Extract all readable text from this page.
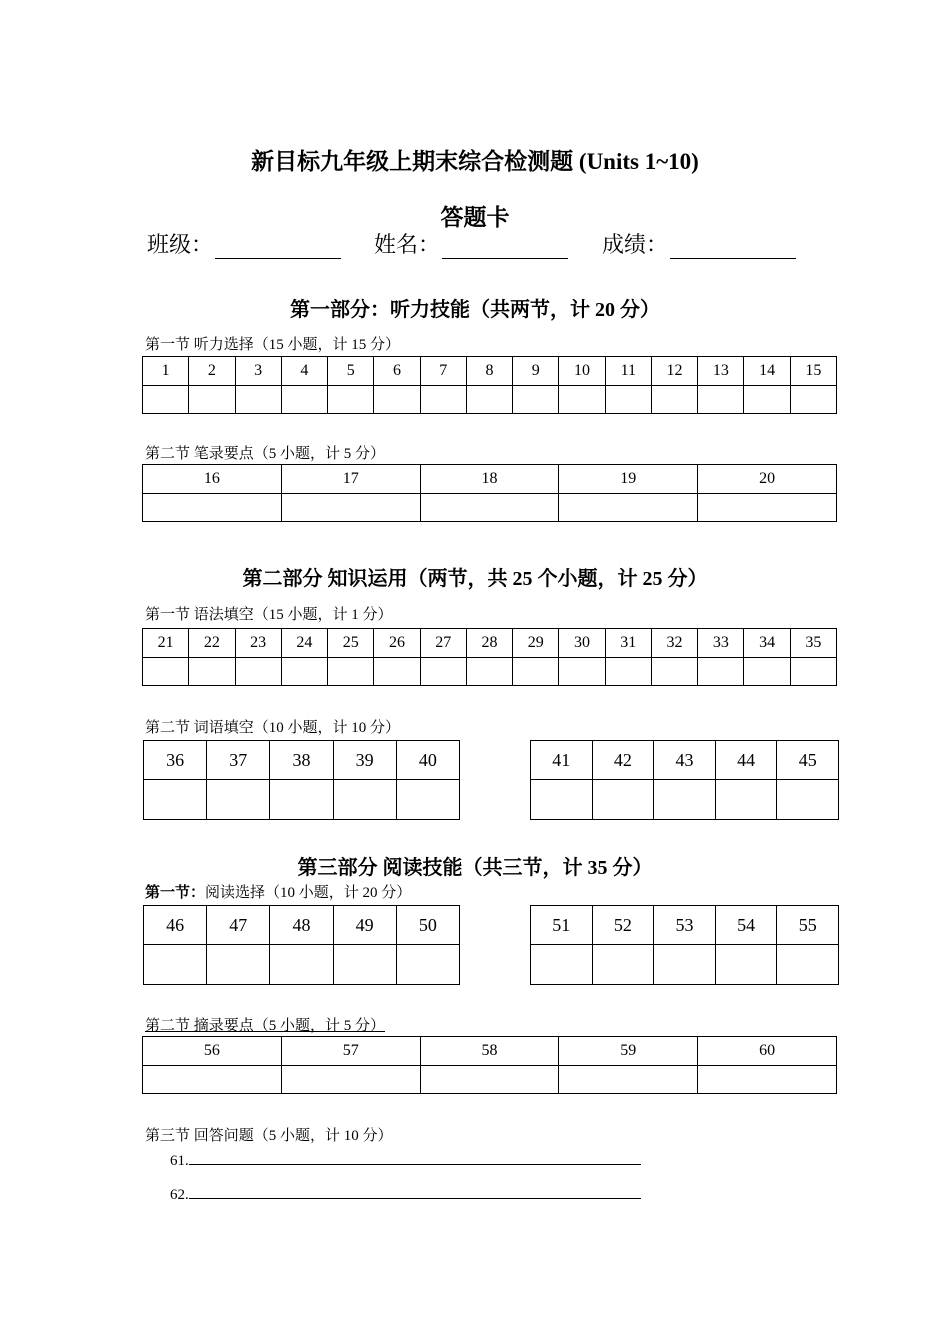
新目标九年级上期末综合检测题 (Units 1~10)
答题卡
班级：	姓名：	成绩：
第一部分：听力技能（共两节，计 20 分）
第一节 听力选择（15 小题，计 15 分）
1	2	3	4	5	6	7	8	9	10	11	12	13	14	15

第二节 笔录要点（5 小题，计 5 分）
16	17	18	19	20

第二部分 知识运用（两节，共 25 个小题，计 25 分）
第一节 语法填空（15 小题，计 1 分）
21	22	23	24	25	26	27	28	29	30	31	32	33	34	35

第二节 词语填空（10 小题，计 10 分）
36	37	38	39	40
					41	42	43	44	45

第三部分 阅读技能（共三节，计 35 分）
第一节：阅读选择（10 小题，计 20 分）
46	47	48	49	50
					51	52	53	54	55

第二节 摘录要点（5 小题，计 5 分）
56	57	58	59	60

第三节 回答问题（5 小题，计 10 分）
61.
62.
